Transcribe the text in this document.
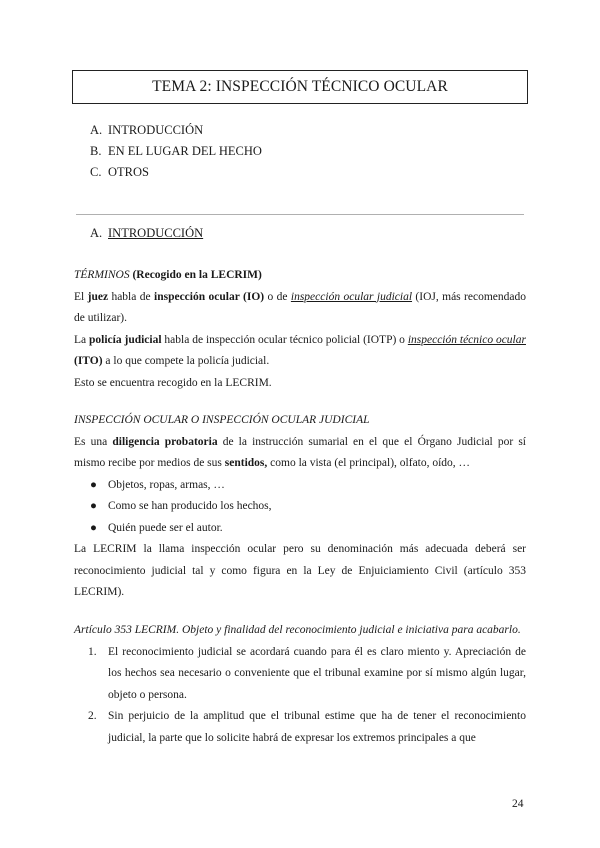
TEMA 2: INSPECCIÓN TÉCNICO OCULAR
A. INTRODUCCIÓN
B. EN EL LUGAR DEL HECHO
C. OTROS
A. INTRODUCCIÓN
TÉRMINOS (Recogido en la LECRIM)
El juez habla de inspección ocular (IO) o de inspección ocular judicial (IOJ, más recomendado de utilizar).
La policía judicial habla de inspección ocular técnico policial (IOTP) o inspección técnico ocular (ITO) a lo que compete la policía judicial.
Esto se encuentra recogido en la LECRIM.
INSPECCIÓN OCULAR O INSPECCIÓN OCULAR JUDICIAL
Es una diligencia probatoria de la instrucción sumarial en el que el Órgano Judicial por sí mismo recibe por medios de sus sentidos, como la vista (el principal), olfato, oído, …
● Objetos, ropas, armas, …
● Como se han producido los hechos,
● Quién puede ser el autor.
La LECRIM la llama inspección ocular pero su denominación más adecuada deberá ser reconocimiento judicial tal y como figura en la Ley de Enjuiciamiento Civil (artículo 353 LECRIM).
Artículo 353 LECRIM. Objeto y finalidad del reconocimiento judicial e iniciativa para acabarlo.
1. El reconocimiento judicial se acordará cuando para él es claro miento y. Apreciación de los hechos sea necesario o conveniente que el tribunal examine por sí mismo algún lugar, objeto o persona.
2. Sin perjuicio de la amplitud que el tribunal estime que ha de tener el reconocimiento judicial, la parte que lo solicite habrá de expresar los extremos principales a que
24
